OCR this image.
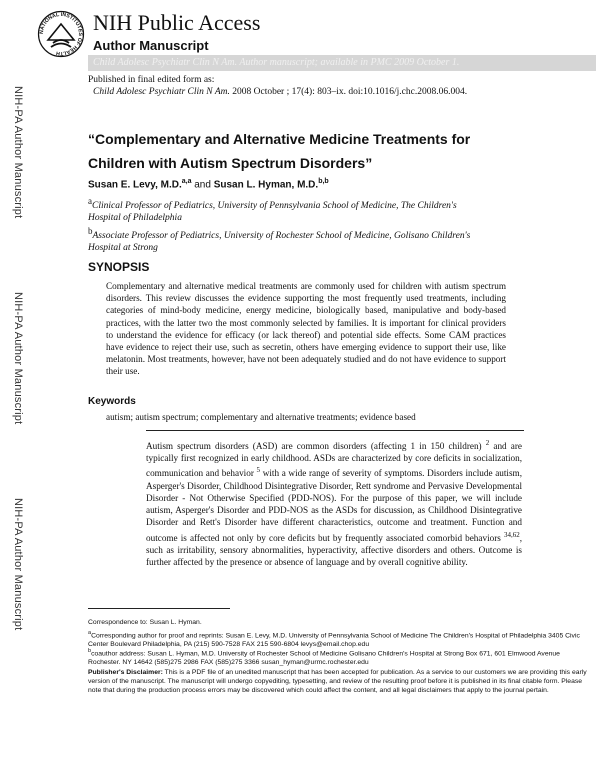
NATIONAL INSTITUTES OF HEALTH
NIH Public Access
Author Manuscript
Child Adolesc Psychiatr Clin N Am. Author manuscript; available in PMC 2009 October 1.
Published in final edited form as:
Child Adolesc Psychiatr Clin N Am. 2008 October ; 17(4): 803–ix. doi:10.1016/j.chc.2008.06.004.
NIH-PA Author Manuscript
NIH-PA Author Manuscript
NIH-PA Author Manuscript
“Complementary and Alternative Medicine Treatments for Children with Autism Spectrum Disorders”
Susan E. Levy, M.D.$^{a,a}$ and Susan L. Hyman, M.D.$^{b,b}$
$^a$Clinical Professor of Pediatrics, University of Pennsylvania School of Medicine, The Children's Hospital of Philadelphia
$^b$Associate Professor of Pediatrics, University of Rochester School of Medicine, Golisano Children's Hospital at Strong
SYNOPSIS
Complementary and alternative medical treatments are commonly used for children with autism spectrum disorders. This review discusses the evidence supporting the most frequently used treatments, including categories of mind-body medicine, energy medicine, biologically based, manipulative and body-based practices, with the latter two the most commonly selected by families. It is important for clinical providers to understand the evidence for efficacy (or lack thereof) and potential side effects. Some CAM practices have evidence to reject their use, such as secretin, others have emerging evidence to support their use, like melatonin. Most treatments, however, have not been adequately studied and do not have evidence to support their use.
Keywords
autism; autism spectrum; complementary and alternative treatments; evidence based
Autism spectrum disorders (ASD) are common disorders (affecting 1 in 150 children) $^2$ and are typically first recognized in early childhood. ASDs are characterized by core deficits in socialization, communication and behavior $^5$ with a wide range of severity of symptoms. Disorders include autism, Asperger's Disorder, Childhood Disintegrative Disorder, Rett syndrome and Pervasive Developmental Disorder - Not Otherwise Specified (PDD-NOS). For the purpose of this paper, we will include autism, Asperger's Disorder and PDD-NOS as the ASDs for discussion, as Childhood Disintegrative Disorder and Rett's Disorder have different characteristics, outcome and treatment. Function and outcome is affected not only by core deficits but by frequently associated comorbid behaviors $^{34,62}$, such as irritability, sensory abnormalities, hyperactivity, affective disorders and others. Outcome is further affected by the presence or absence of language and by overall cognitive ability.
Correspondence to: Susan L. Hyman.
$^a$Corresponding author for proof and reprints: Susan E. Levy, M.D. University of Pennsylvania School of Medicine The Children's Hospital of Philadelphia 3405 Civic Center Boulevard Philadelphia, PA (215) 590-7528 FAX 215 590-6804 levys@email.chop.edu
$^b$coauthor address: Susan L. Hyman, M.D. University of Rochester School of Medicine Golisano Children's Hospital at Strong Box 671, 601 Elmwood Avenue Rochester. NY 14642 (585)275 2986 FAX (585)275 3366 susan_hyman@urmc.rochester.edu
Publisher's Disclaimer: This is a PDF file of an unedited manuscript that has been accepted for publication. As a service to our customers we are providing this early version of the manuscript. The manuscript will undergo copyediting, typesetting, and review of the resulting proof before it is published in its final citable form. Please note that during the production process errors may be discovered which could affect the content, and all legal disclaimers that apply to the journal pertain.
